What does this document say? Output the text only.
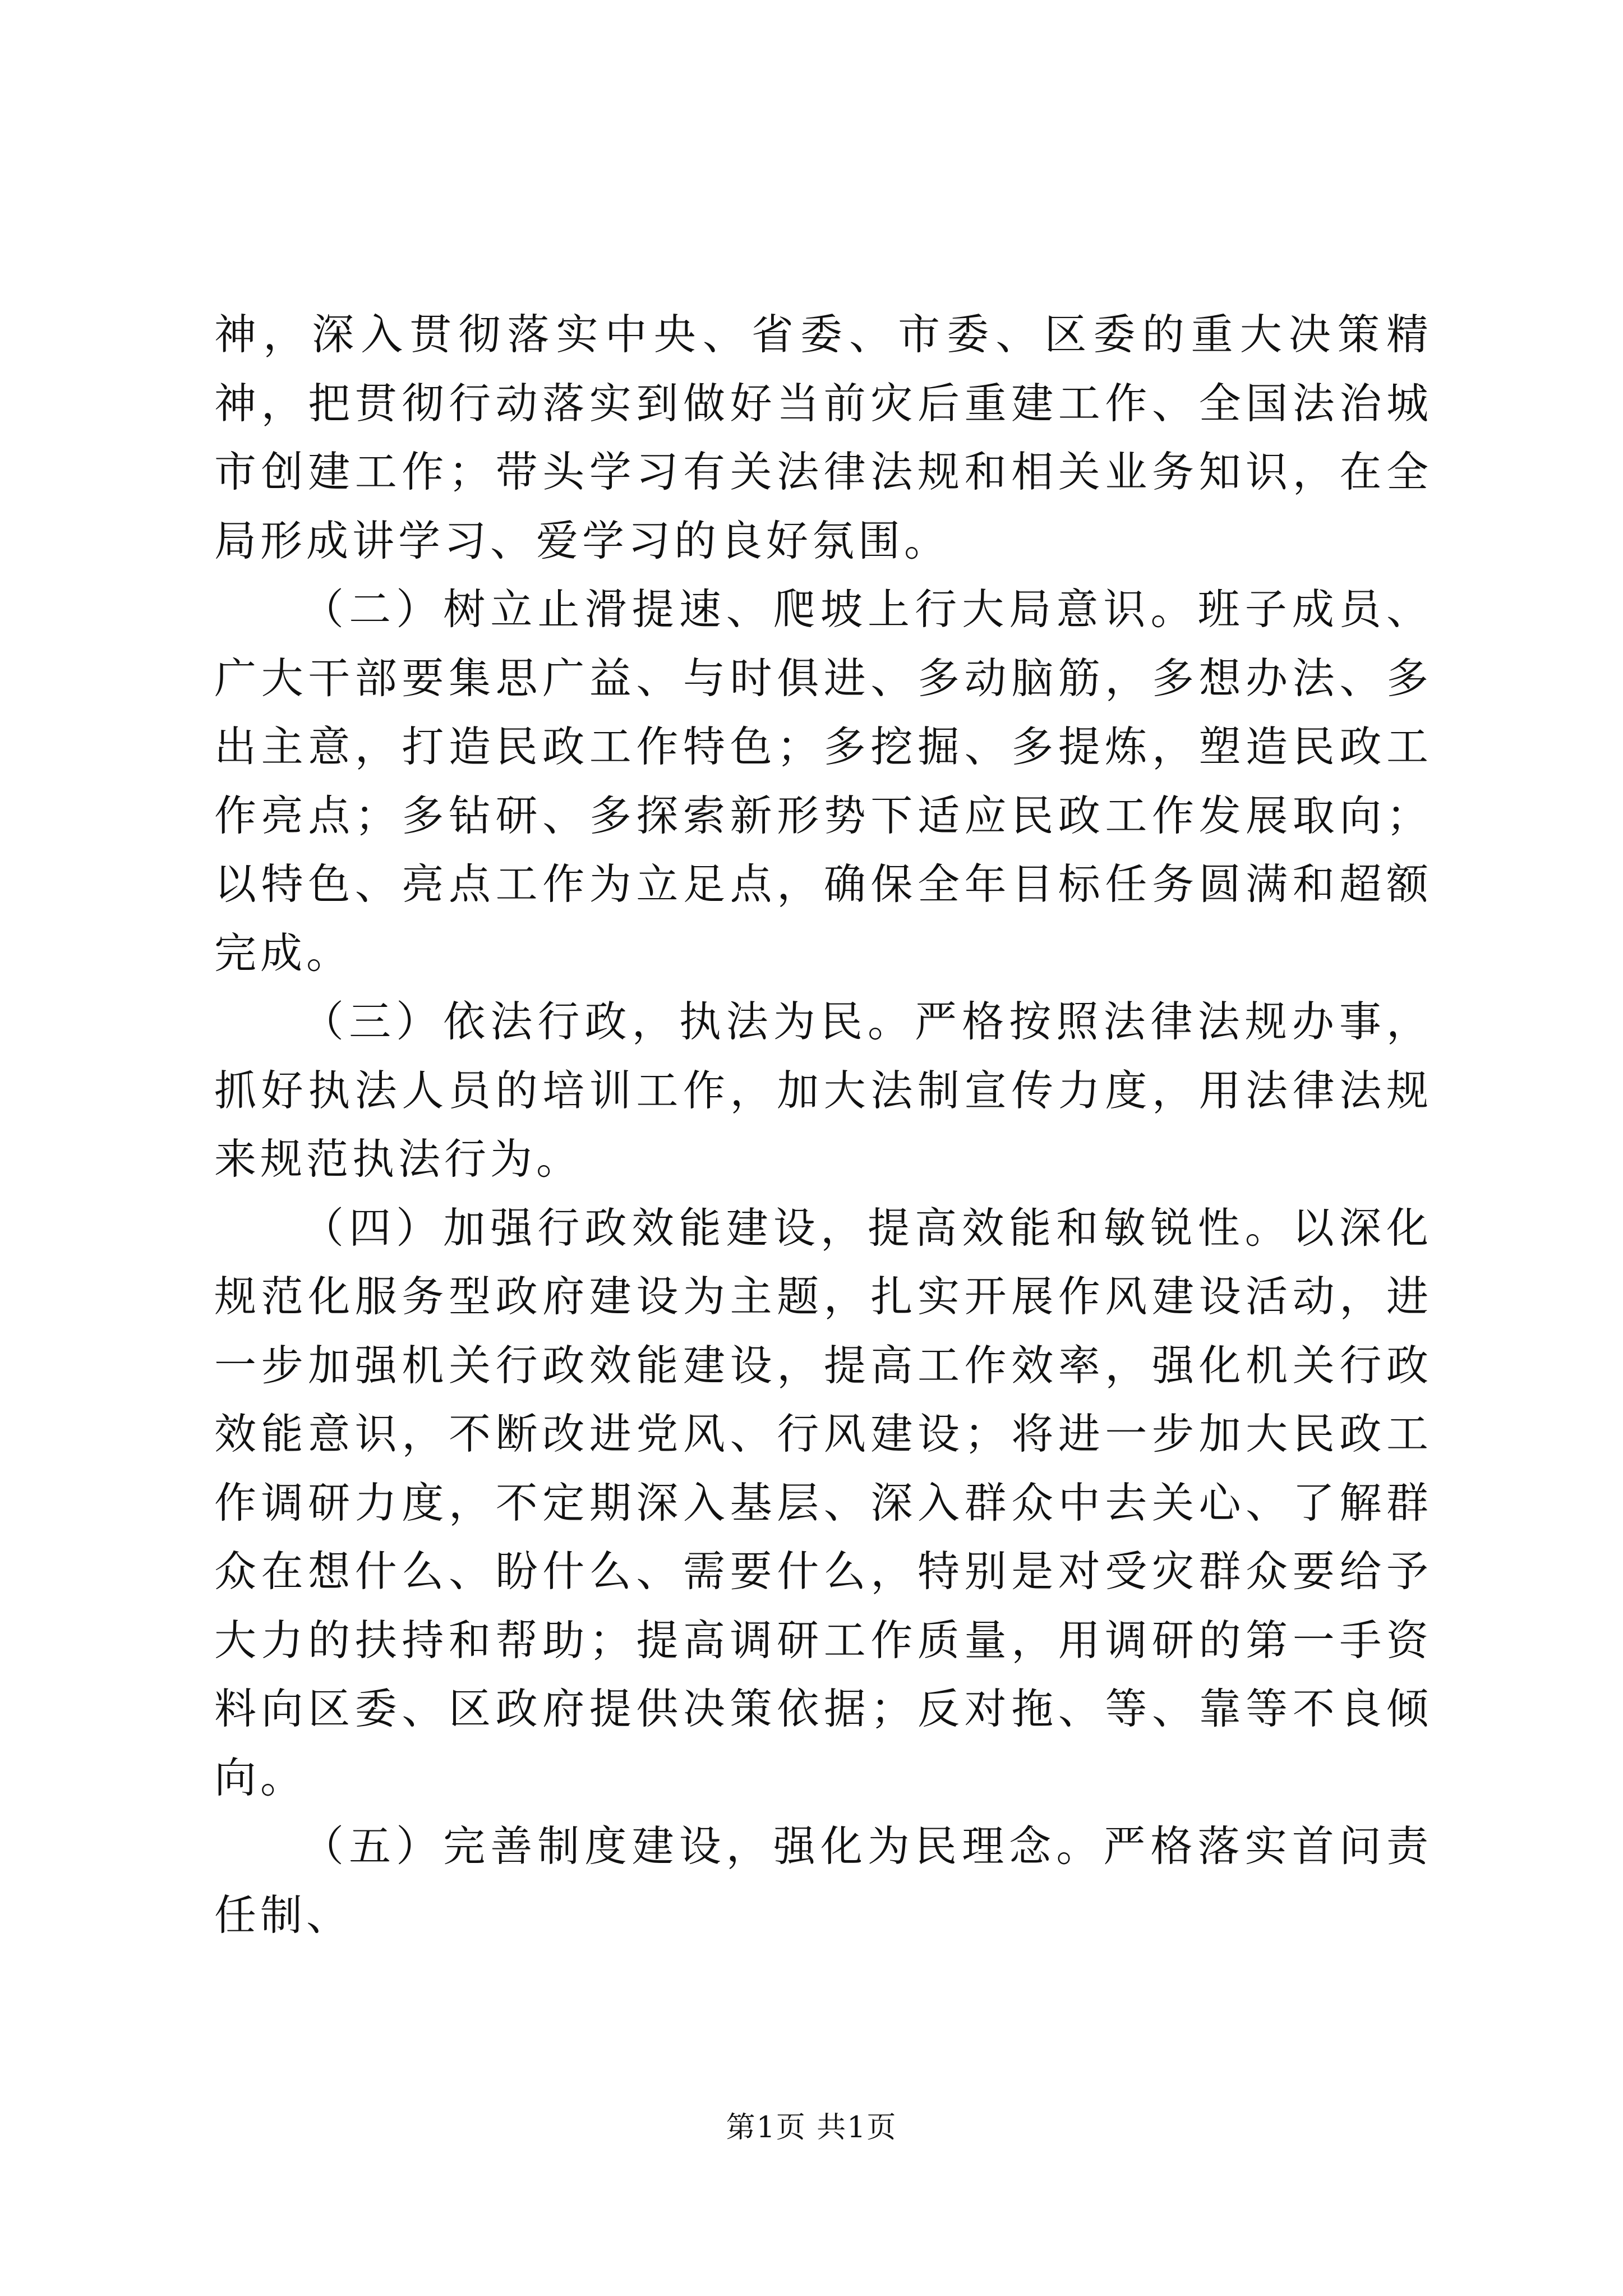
神，深入贯彻落实中央、省委、市委、区委的重大决策精神，把贯彻行动落实到做好当前灾后重建工作、全国法治城市创建工作；带头学习有关法律法规和相关业务知识，在全局形成讲学习、爱学习的良好氛围。

（二）树立止滑提速、爬坡上行大局意识。班子成员、广大干部要集思广益、与时俱进、多动脑筋，多想办法、多出主意，打造民政工作特色；多挖掘、多提炼，塑造民政工作亮点；多钻研、多探索新形势下适应民政工作发展取向；以特色、亮点工作为立足点，确保全年目标任务圆满和超额完成。

（三）依法行政，执法为民。严格按照法律法规办事，抓好执法人员的培训工作，加大法制宣传力度，用法律法规来规范执法行为。

（四）加强行政效能建设，提高效能和敏锐性。以深化规范化服务型政府建设为主题，扎实开展作风建设活动，进一步加强机关行政效能建设，提高工作效率，强化机关行政效能意识，不断改进党风、行风建设；将进一步加大民政工作调研力度，不定期深入基层、深入群众中去关心、了解群众在想什么、盼什么、需要什么，特别是对受灾群众要给予大力的扶持和帮助；提高调研工作质量，用调研的第一手资料向区委、区政府提供决策依据；反对拖、等、靠等不良倾向。

（五）完善制度建设，强化为民理念。严格落实首问责任制、

第1页 共1页
